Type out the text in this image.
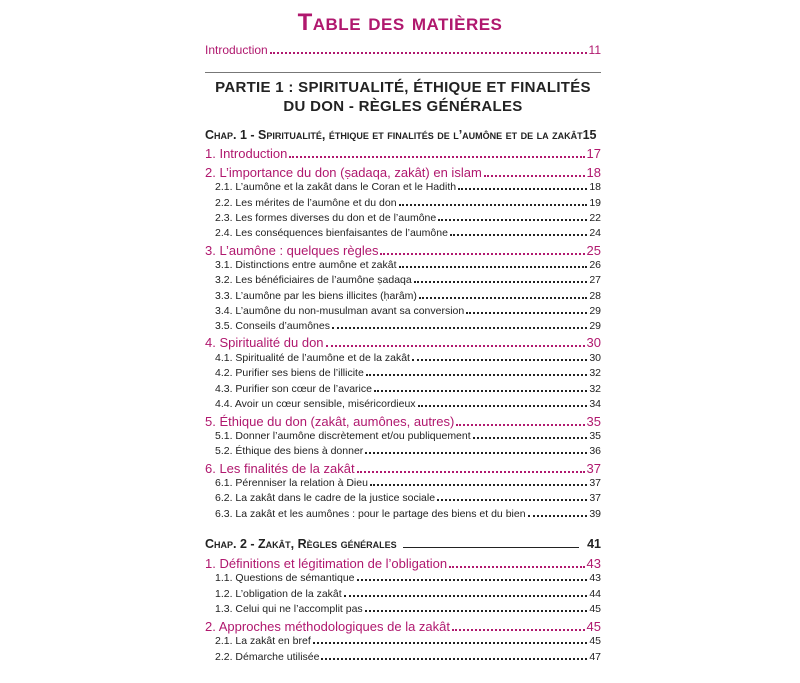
Table des matières
Introduction	11
PARTIE 1 : SPIRITUALITÉ, ÉTHIQUE ET FINALITÉS
DU DON - RÈGLES GÉNÉRALES
Chap. 1 - Spiritualité, éthique et finalités de l’aumône et de la zakât 15
1. Introduction	17
2. L’importance du don (ṣadaqa, zakât) en islam	18
2.1. L’aumône et la zakât dans le Coran et le Hadith	18
2.2. Les mérites de l’aumône et du don	19
2.3. Les formes diverses du don et de l’aumône	22
2.4. Les conséquences bienfaisantes de l’aumône	24
3. L’aumône : quelques règles	25
3.1. Distinctions entre aumône et zakât	26
3.2. Les bénéficiaires de l’aumône ṣadaqa	27
3.3. L’aumône par les biens illicites (ḥarâm)	28
3.4. L’aumône du non-musulman avant sa conversion	29
3.5. Conseils d’aumônes	29
4. Spiritualité du don	30
4.1. Spiritualité de l’aumône et de la zakât	30
4.2. Purifier ses biens de l’illicite	32
4.3. Purifier son cœur de l’avarice	32
4.4. Avoir un cœur sensible, miséricordieux	34
5. Éthique du don (zakât, aumônes, autres)	35
5.1. Donner l’aumône discrètement et/ou publiquement	35
5.2. Éthique des biens à donner	36
6. Les finalités de la zakât	37
6.1. Pérenniser la relation à Dieu	37
6.2. La zakât dans le cadre de la justice sociale	37
6.3. La zakât et les aumônes : pour le partage des biens et du bien	39
Chap. 2 - Zakât, Règles générales	41
1. Définitions et légitimation de l’obligation	43
1.1. Questions de sémantique	43
1.2. L’obligation de la zakât	44
1.3. Celui qui ne l’accomplit pas	45
2. Approches méthodologiques de la zakât	45
2.1. La zakât en bref	45
2.2. Démarche utilisée	47
